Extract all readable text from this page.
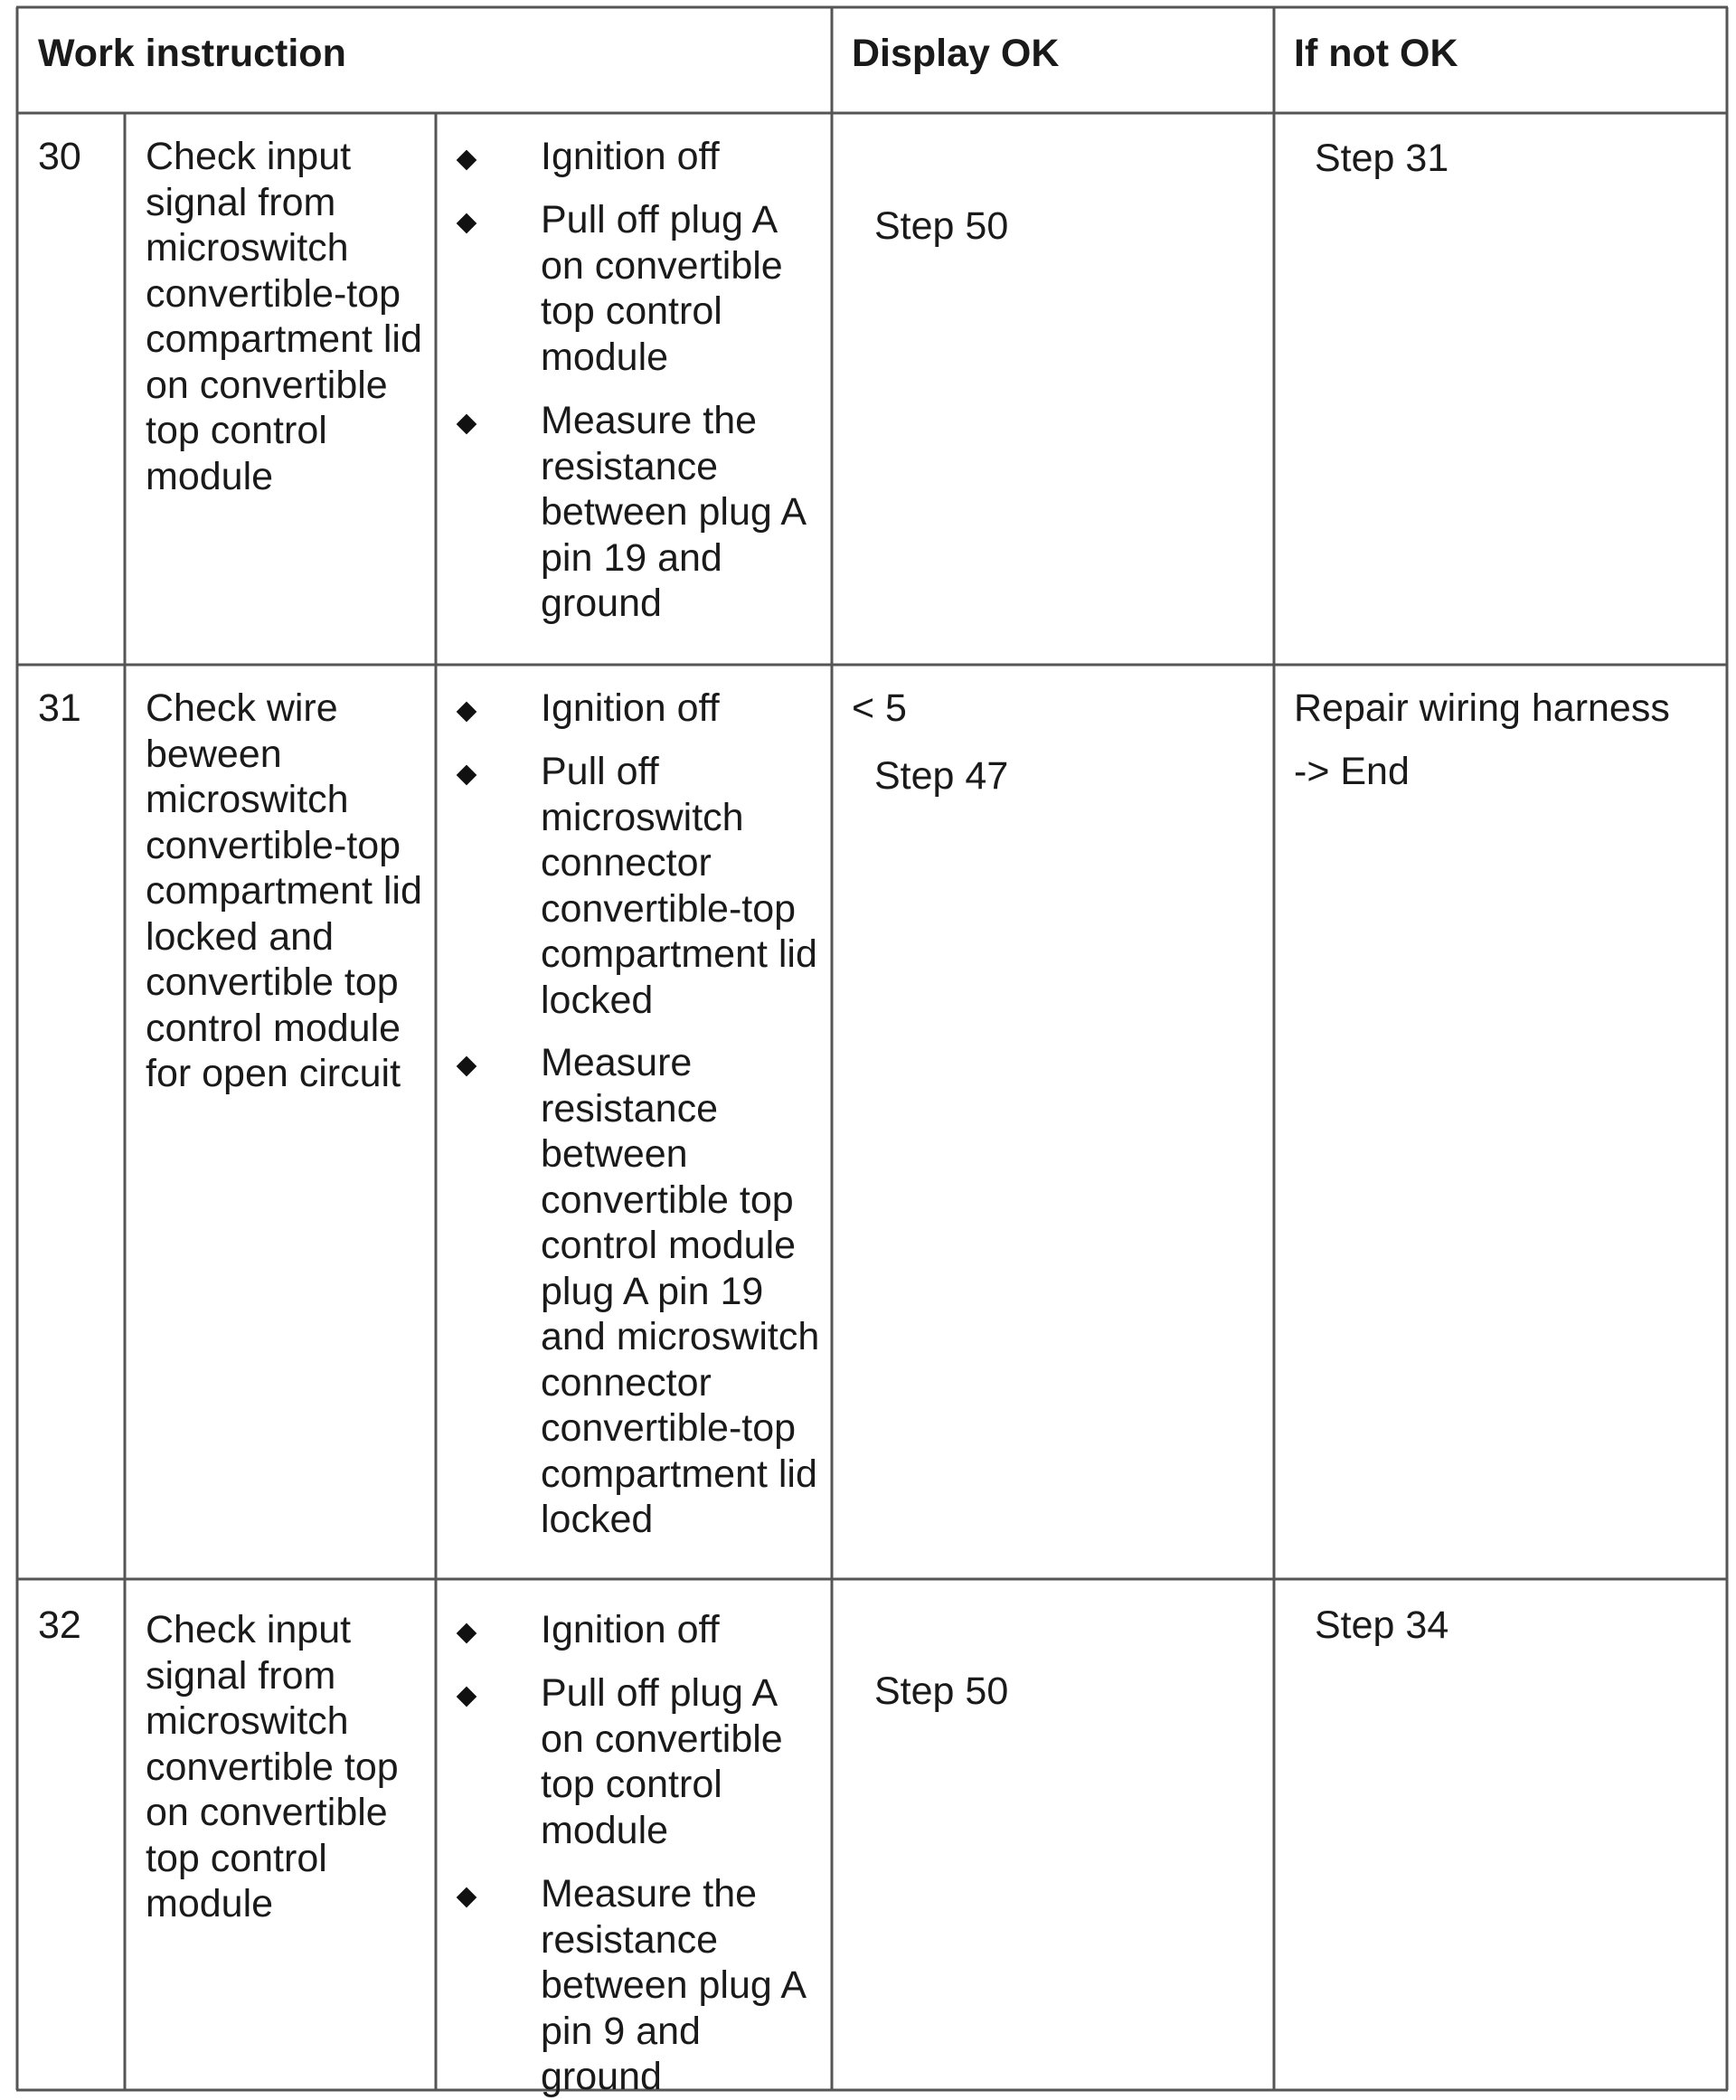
Work instruction	Display OK	If not OK
30 Check input signal from microswitch convertible-top compartment lid on convertible top control module
Ignition off
Pull off plug A on convertible top control module
Measure the resistance between plug A pin 19 and ground
Step 50
Step 31
31 Check wire beween microswitch convertible-top compartment lid locked and convertible top control module for open circuit
Ignition off
Pull off microswitch connector convertible-top compartment lid locked
Measure resistance between convertible top control module plug A pin 19 and microswitch connector convertible-top compartment lid locked
< 5
Step 47
Repair wiring harness
-> End
32 Check input signal from microswitch convertible top on convertible top control module
Ignition off
Pull off plug A on convertible top control module
Measure the resistance between plug A pin 9 and ground
Step 50
Step 34
